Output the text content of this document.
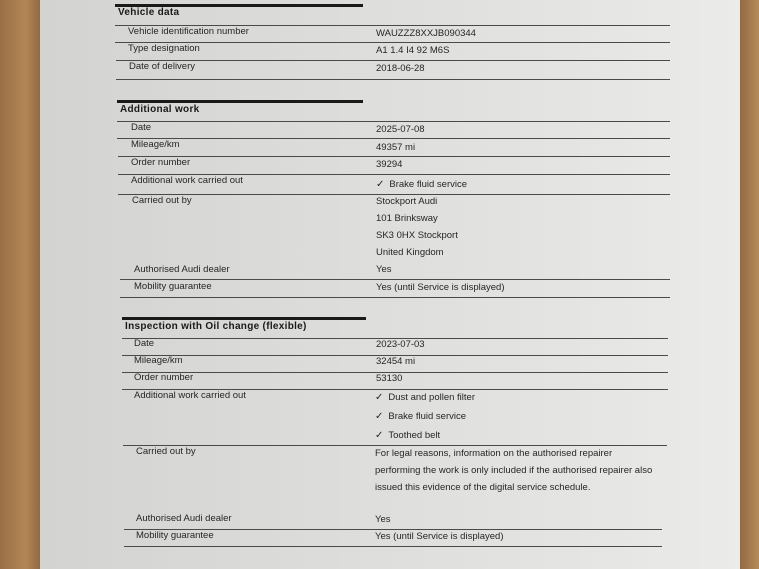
Vehicle data
Vehicle identification number	WAUZZZ8XXJB090344
Type designation	A1 1.4 I4 92 M6S
Date of delivery	2018-06-28
Additional work
Date	2025-07-08
Mileage/km	49357 mi
Order number	39294
Additional work carried out	✓ Brake fluid service
Carried out by	Stockport Audi
101 Brinksway
SK3 0HX Stockport
United Kingdom
Authorised Audi dealer	Yes
Mobility guarantee	Yes (until Service is displayed)
Inspection with Oil change (flexible)
Date	2023-07-03
Mileage/km	32454 mi
Order number	53130
Additional work carried out	✓ Dust and pollen filter
✓ Brake fluid service
✓ Toothed belt
Carried out by	For legal reasons, information on the authorised repairer
performing the work is only included if the authorised repairer also
issued this evidence of the digital service schedule.
Authorised Audi dealer	Yes
Mobility guarantee	Yes (until Service is displayed)
